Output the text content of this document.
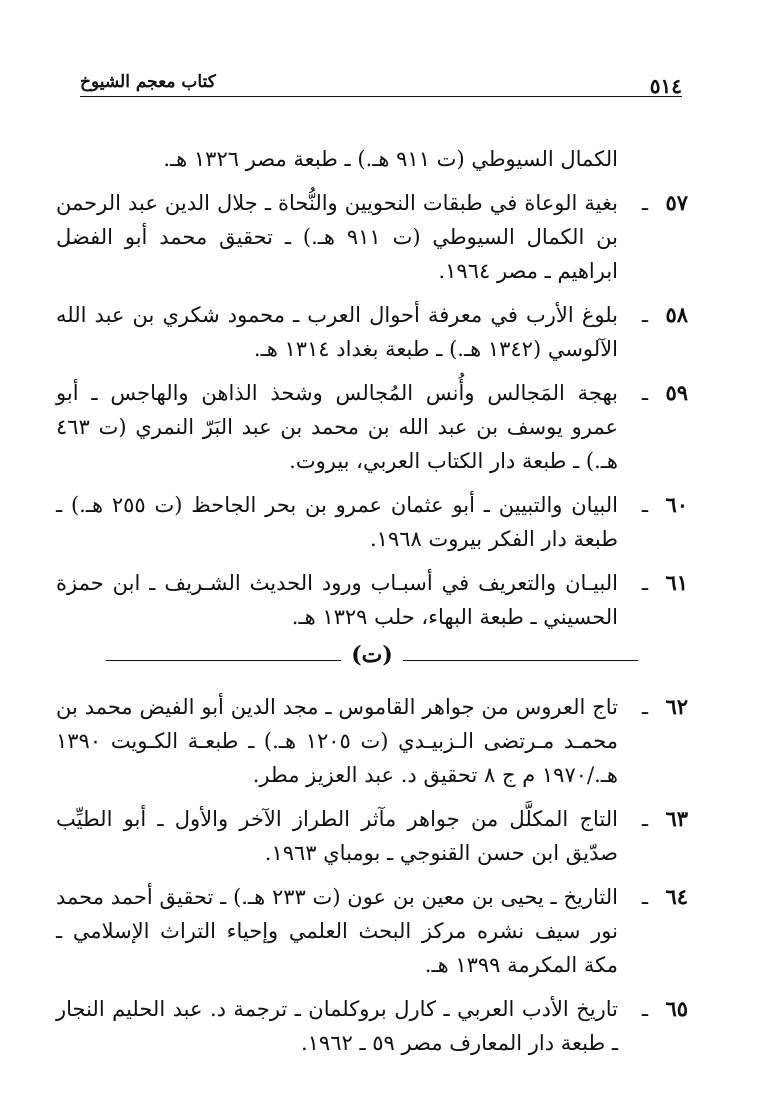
٥١٤
كتاب معجم الشيوخ
الكمال السيوطي (ت ٩١١ هـ.) ـ طبعة مصر ١٣٢٦ هـ.
٥٧
ـ
بغية الوعاة في طبقات النحويين والنُّحاة ـ جلال الدين عبد الرحمن بن الكمال السيوطي (ت ٩١١ هـ.) ـ تحقيق محمد أبو الفضل ابراهيم ـ مصر ١٩٦٤.
٥٨
ـ
بلوغ الأرب في معرفة أحوال العرب ـ محمود شكري بن عبد الله الآلوسي (١٣٤٢ هـ.) ـ طبعة بغداد ١٣١٤ هـ.
٥٩
ـ
بهجة المَجالس وأُنس المُجالس وشحذ الذاهن والهاجس ـ أبو عمرو يوسف بن عبد الله بن محمد بن عبد البَرّ النمري (ت ٤٦٣ هـ.) ـ طبعة دار الكتاب العربي، بيروت.
٦٠
ـ
البيان والتبيين ـ أبو عثمان عمرو بن بحر الجاحظ (ت ٢٥٥ هـ.) ـ طبعة دار الفكر بيروت ١٩٦٨.
٦١
ـ
البيـان والتعريف في أسبـاب ورود الحديث الشـريف ـ ابن حمزة الحسيني ـ طبعة البهاء، حلب ١٣٢٩ هـ.
(ت)
٦٢
ـ
تاج العروس من جواهر القاموس ـ مجد الدين أبو الفيض محمد بن محمـد مـرتضى الـزبيـدي (ت ١٢٠٥ هـ.) ـ طبعـة الكـويت ١٣٩٠ هـ./١٩٧٠ م ج ٨ تحقيق د. عبد العزيز مطر.
٦٣
ـ
التاج المكلَّل من جواهر مآثر الطراز الآخر والأول ـ أبو الطيِّب صدّيق ابن حسن القنوجي ـ بومباي ١٩٦٣.
٦٤
ـ
التاريخ ـ يحيى بن معين بن عون (ت ٢٣٣ هـ.) ـ تحقيق أحمد محمد نور سيف نشره مركز البحث العلمي وإحياء التراث الإسلامي ـ مكة المكرمة ١٣٩٩ هـ.
٦٥
ـ
تاريخ الأدب العربي ـ كارل بروكلمان ـ ترجمة د. عبد الحليم النجار ـ طبعة دار المعارف مصر ٥٩ ـ ١٩٦٢.
